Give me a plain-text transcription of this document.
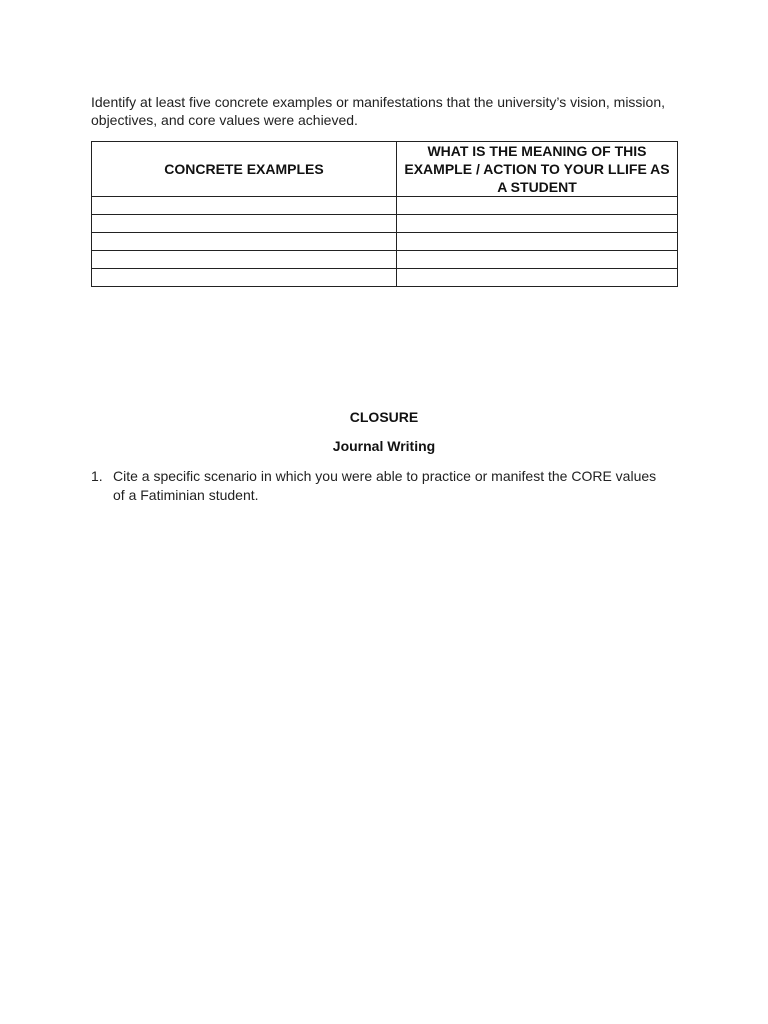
Identify at least five concrete examples or manifestations that the university’s vision, mission, objectives, and core values were achieved.

CONCRETE EXAMPLES	WHAT IS THE MEANING OF THIS EXAMPLE / ACTION TO YOUR LLIFE AS A STUDENT

CLOSURE
Journal Writing
1. Cite a specific scenario in which you were able to practice or manifest the CORE values of a Fatiminian student.
